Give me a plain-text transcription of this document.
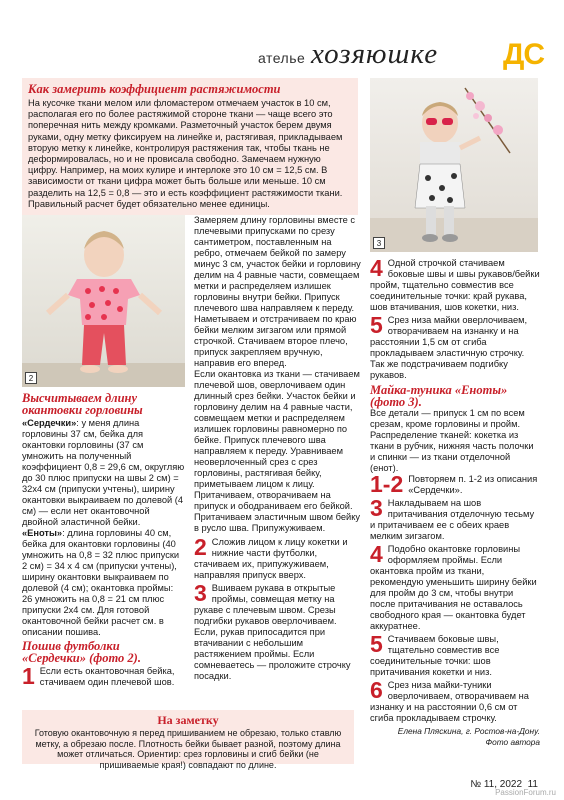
ателье хозяюшке ДС
Как замерить коэффициент растяжимости

На кусочке ткани мелом или фломастером отмечаем участок в 10 см, располагая его по более растяжимой стороне ткани — чаще всего это поперечная нить между кромками. Разметочный участок берем двумя руками, одну метку фиксируем на линейке и, растягивая, прикладываем вторую метку к линейке, контролируя растяжения так, чтобы ткань не деформировалась, но и не провисала свободно. Замечаем нужную цифру. Например, на моих кулире и интерлоке это 10 см = 12,5 см. В зависимости от ткани цифра может быть больше или меньше. 10 см разделить на 12,5 = 0,8 — это и есть коэффициент растяжимости ткани. Правильный расчет будет обязательно менее единицы.

3
2
Высчитываем длину окантовки горловины

«Сердечки»: у меня длина горловины 37 см, бейка для окантовки горловины (37 см умножить на полученный коэффициент 0,8 = 29,6 см, округляю до 30 плюс припуски на швы 2 см) = 32х4 см (припуски учтены), ширину окантовки выкраиваем по долевой (4 см) — если нет окантовочной двойной эластичной бейки.

«Еноты»: длина горловины 40 см, бейка для окантовки горловины (40 умножить на 0,8 = 32 плюс припуски 2 см) = 34 х 4 см (припуски учтены), ширину окантовки выкраиваем по долевой (4 см); окантовка проймы: 26 умножить на 0,8 = 21 см плюс припуски 2х4 см. Для готовой окантовочной бейки расчет см. в описании пошива.

Пошив футболки «Сердечки» (фото 2).
1 Если есть окантовочная бейка, стачиваем один плечевой шов.

Замеряем длину горловины вместе с плечевыми припусками по срезу сантиметром, поставленным на ребро, отмечаем бейкой по замеру минус 3 см, участок бейки и горловину делим на 4 равные части, совмещаем метки и распределяем излишек горловины внутри бейки. Припуск плечевого шва направляем к переду. Наметываем и отстрачиваем по краю бейки мелким зигзагом или прямой строчкой. Стачиваем второе плечо, припуск закрепляем вручную, направив его вперед.

Если окантовка из ткани — стачиваем плечевой шов, оверлочиваем один длинный срез бейки. Участок бейки и горловину делим на 4 равные части, совмещаем метки и распределяем излишек горловины равномерно по бейке. Припуск плечевого шва направляем к переду. Уравниваем неоверлоченный срез с срез горловины, растягивая бейку, приметываем лицом к лицу. Притачиваем, отворачиваем на припуск и ободраниваем его бейкой. Притачиваем эластичным швом бейку в русло шва. Припужуживаем.

2 Сложив лицом к лицу кокетки и нижние части футболки, стачиваем их, припужуживаем, направляя припуск вверх.
3 Вшиваем рукава в открытые проймы, совмещая метку на рукаве с плечевым швом. Срезы подгибки рукавов оверлочиваем. Если, рукав припосадится при втачивании с небольшим растяжением проймы. Если сомневаетесь — проложите строчку посадки.
4 Одной строчкой стачиваем боковые швы и швы рукавов/бейки пройм, тщательно совместив все соединительные точки: край рукава, шов втачивания, шов кокетки, низ.
5 Срез низа майки оверлочиваем, отворачиваем на изнанку и на расстоянии 1,5 см от сгиба прокладываем эластичную строчку. Так же подстрачиваем подгибку рукавов.
Майка-туника «Еноты» (фото 3).

Все детали — припуск 1 см по всем срезам, кроме горловины и пройм. Распределение тканей: кокетка из ткани в рубчик, нижняя часть полочки и спинки — из ткани отделочной (енот).

1-2 Повторяем п. 1-2 из описания «Сердечки».
3 Накладываем на шов притачивания отделочную тесьму и притачиваем ее с обеих краев мелким зигзагом.
4 Подобно окантовке горловины оформляем проймы. Если окантовка пройм из ткани, рекомендую уменьшить ширину бейки для пройм до 3 см, чтобы внутри после притачивания не оставалось свободного края — окантовка будет аккуратнее.
5 Стачиваем боковые швы, тщательно совместив все соединительные точки: шов притачивания кокетки и низ.
6 Срез низа майки-туники оверлочиваем, отворачиваем на изнанку и на расстоянии 0,6 см от сгиба прокладываем строчку.

Елена Пляскина, г. Ростов-на-Дону.

Фото автора

На заметку

Готовую окантовочную я перед пришиванием не обрезаю, только ставлю метку, а обрезаю после. Плотность бейки бывает разной, поэтому длина может отличаться. Ориентир: срез горловины и сгиб бейки (не пришиваемые края!) совпадают по длине.

№ 11, 2022 11
PassionForum.ru
